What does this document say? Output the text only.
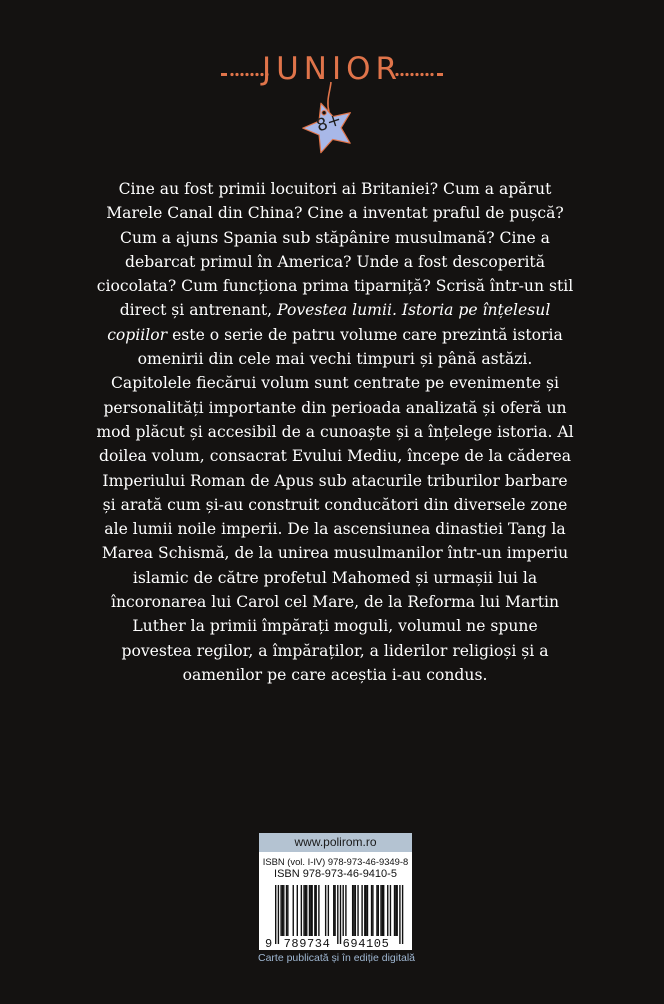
JUNIOR
8+

Cine au fost primii locuitori ai Britaniei? Cum a apărut Marele Canal din China? Cine a inventat praful de pușcă? Cum a ajuns Spania sub stăpânire musulmană? Cine a debarcat primul în America? Unde a fost descoperită ciocolata? Cum funcționa prima tiparniță? Scrisă într-un stil direct și antrenant, Povestea lumii. Istoria pe înțelesul copiilor este o serie de patru volume care prezintă istoria omenirii din cele mai vechi timpuri și până astăzi. Capitolele fiecărui volum sunt centrate pe evenimente și personalități importante din perioada analizată și oferă un mod plăcut și accesibil de a cunoaște și a înțelege istoria. Al doilea volum, consacrat Evului Mediu, începe de la căderea Imperiului Roman de Apus sub atacurile triburilor barbare și arată cum și-au construit conducători din diversele zone ale lumii noile imperii. De la ascensiunea dinastiei Tang la Marea Schismă, de la unirea musulmanilor într-un imperiu islamic de către profetul Mahomed și urmașii lui la încoronarea lui Carol cel Mare, de la Reforma lui Martin Luther la primii împărați moguli, volumul ne spune povestea regilor, a împăraților, a liderilor religioși și a oamenilor pe care aceștia i-au condus.

www.polirom.ro
ISBN (vol. I-IV) 978-973-46-9349-8
ISBN 978-973-46-9410-5
9 789734 694105
Carte publicată și în ediție digitală
